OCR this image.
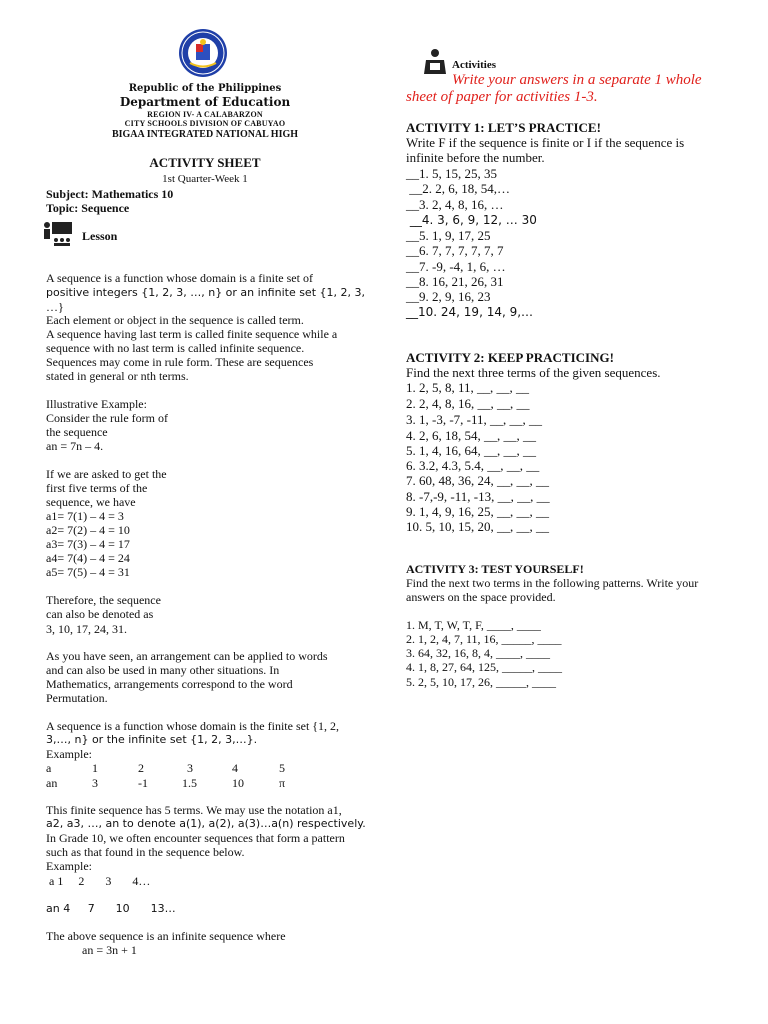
Republic of the Philippines
Department of Education
REGION IV- A CALABARZON
CITY SCHOOLS DIVISION OF CABUYAO
BIGAA INTEGRATED NATIONAL HIGH
ACTIVITY SHEET
1st Quarter-Week 1
Subject: Mathematics 10
Topic: Sequence
Lesson
A sequence is a function whose domain is a finite set of
positive integers {1, 2, 3, …, n} or an infinite set {1, 2, 3,
…}
Each element or object in the sequence is called term.
A sequence having last term is called finite sequence while a
sequence with no last term is called infinite sequence.
Sequences may come in rule form. These are sequences
stated in general or nth terms.
Illustrative Example:
Consider the rule form of
the sequence
an = 7n – 4.
If we are asked to get the
first five terms of the
sequence, we have
a1= 7(1) – 4 = 3
a2= 7(2) – 4 = 10
a3= 7(3) – 4 = 17
a4= 7(4) – 4 = 24
a5= 7(5) – 4 = 31
Therefore, the sequence
can also be denoted as
3, 10, 17, 24, 31.
As you have seen, an arrangement can be applied to words
and can also be used in many other situations. In
Mathematics, arrangements correspond to the word
Permutation.
A sequence is a function whose domain is the finite set {1, 2,
3,…, n} or the infinite set {1, 2, 3,…}.
Example:
a	1	2	3	4	5
an	3	-1	1.5	10	π
This finite sequence has 5 terms. We may use the notation a1,
a2, a3, …, an to denote a(1), a(2), a(3)…a(n) respectively.
In Grade 10, we often encounter sequences that form a pattern
such as that found in the sequence below.
Example:
a 1     2       3       4…
an 4     7      10      13…
The above sequence is an infinite sequence where
an = 3n + 1
Activities
Write your answers in a separate 1 whole
sheet of paper for activities 1-3.
ACTIVITY 1: LET’S PRACTICE!
Write F if the sequence is finite or I if the sequence is
infinite before the number.
__1. 5, 15, 25, 35
__2. 2, 6, 18, 54,…
__3. 2, 4, 8, 16, …
__4. 3, 6, 9, 12, … 30
__5. 1, 9, 17, 25
__6. 7, 7, 7, 7, 7, 7
__7. -9, -4, 1, 6, …
__8. 16, 21, 26, 31
__9. 2, 9, 16, 23
__10. 24, 19, 14, 9,…
ACTIVITY 2: KEEP PRACTICING!
Find the next three terms of the given sequences.
1. 2, 5, 8, 11, __, __, __
2. 2, 4, 8, 16, __, __, __
3. 1, -3, -7, -11, __, __, __
4. 2, 6, 18, 54, __, __, __
5. 1, 4, 16, 64, __, __, __
6. 3.2, 4.3, 5.4, __, __, __
7. 60, 48, 36, 24, __, __, __
8. -7,-9, -11, -13, __, __, __
9. 1, 4, 9, 16, 25, __, __, __
10. 5, 10, 15, 20, __, __, __
ACTIVITY 3: TEST YOURSELF!
Find the next two terms in the following patterns. Write your
answers on the space provided.
1. M, T, W, T, F, ____, ____
2. 1, 2, 4, 7, 11, 16, _____, ____
3. 64, 32, 16, 8, 4, ____, ____
4. 1, 8, 27, 64, 125, _____, ____
5. 2, 5, 10, 17, 26, _____, ____
